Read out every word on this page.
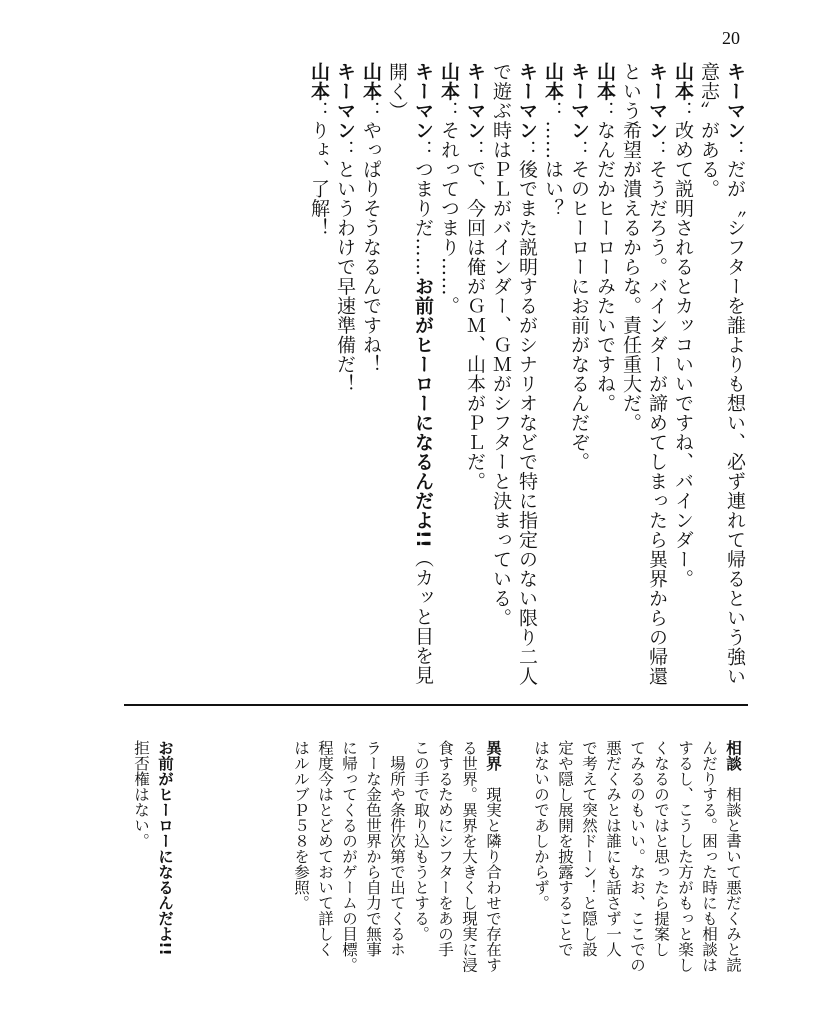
20
キーマン：だが〝シフターを誰よりも想い、必ず連れて帰るという強い
意志〟がある。
山本：改めて説明されるとカッコいいですね、バインダー。
キーマン：そうだろう。バインダーが諦めてしまったら異界からの帰還
という希望が潰えるからな。責任重大だ。
山本：なんだかヒーローみたいですね。
キーマン：そのヒーローにお前がなるんだぞ。
山本：……はい？
キーマン：後でまた説明するがシナリオなどで特に指定のない限り二人
で遊ぶ時はＰＬがバインダー、ＧＭがシフターと決まっている。
キーマン：で、今回は俺がＧＭ、山本がＰＬだ。
山本：それってつまり……。
キーマン：つまりだ……お前がヒーローになるんだよ!!（カッと目を見
開く）
山本：やっぱりそうなるんですね！
キーマン：というわけで早速準備だ！
山本：りょ、了解！
相談　相談と書いて悪だくみと読
んだりする。困った時にも相談は
するし、こうした方がもっと楽し
くなるのではと思ったら提案し
てみるのもいい。なお、ここでの
悪だくみとは誰にも話さず一人
で考えて突然ドーン！と隠し設
定や隠し展開を披露することで
はないのであしからず。
異界　現実と隣り合わせで存在す
る世界。異界を大きくし現実に浸
食するためにシフターをあの手
この手で取り込もうとする。
　場所や条件次第で出てくるホ
ラーな金色世界から自力で無事
に帰ってくるのがゲームの目標。
程度今はとどめておいて詳しく
はルルブｐ５８を参照。
お前がヒーローになるんだよ!!
拒否権はない。
